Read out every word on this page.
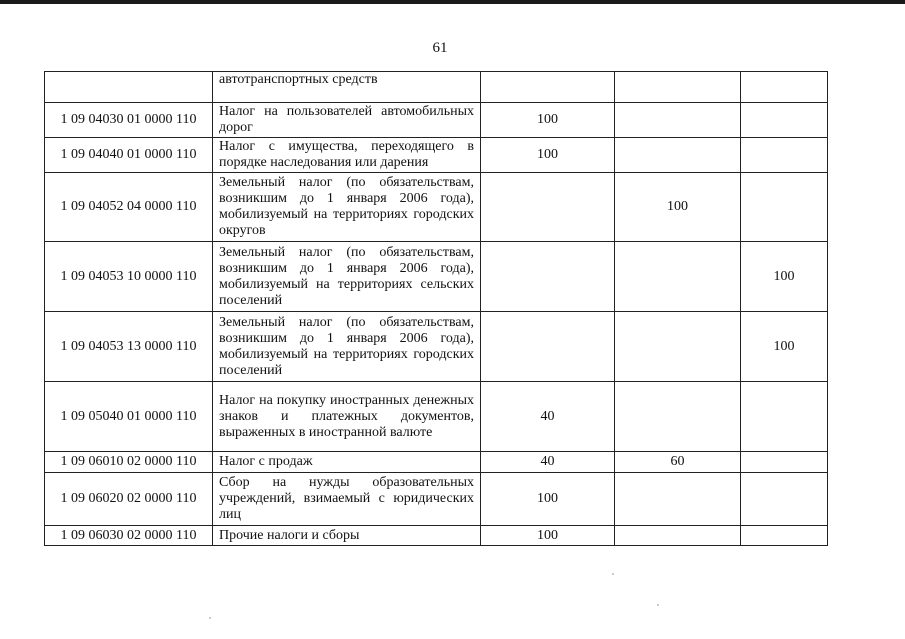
61
	автотранспортных средств			
1 09 04030 01 0000 110	Налог на пользователей автомобильных дорог	100		
1 09 04040 01 0000 110	Налог с имущества, переходящего в порядке наследования или дарения	100		
1 09 04052 04 0000 110	Земельный налог (по обязательствам, возникшим до 1 января 2006 года), мобилизуемый на территориях городских округов		100	
1 09 04053 10 0000 110	Земельный налог (по обязательствам, возникшим до 1 января 2006 года), мобилизуемый на территориях сельских поселений			100
1 09 04053 13 0000 110	Земельный налог (по обязательствам, возникшим до 1 января 2006 года), мобилизуемый на территориях городских поселений			100
1 09 05040 01 0000 110	Налог на покупку иностранных денежных знаков и платежных документов, выраженных в иностранной валюте	40		
1 09 06010 02 0000 110	Налог с продаж	40	60	
1 09 06020 02 0000 110	Сбор на нужды образовательных учреждений, взимаемый с юридических лиц	100		
1 09 06030 02 0000 110	Прочие налоги и сборы	100		
